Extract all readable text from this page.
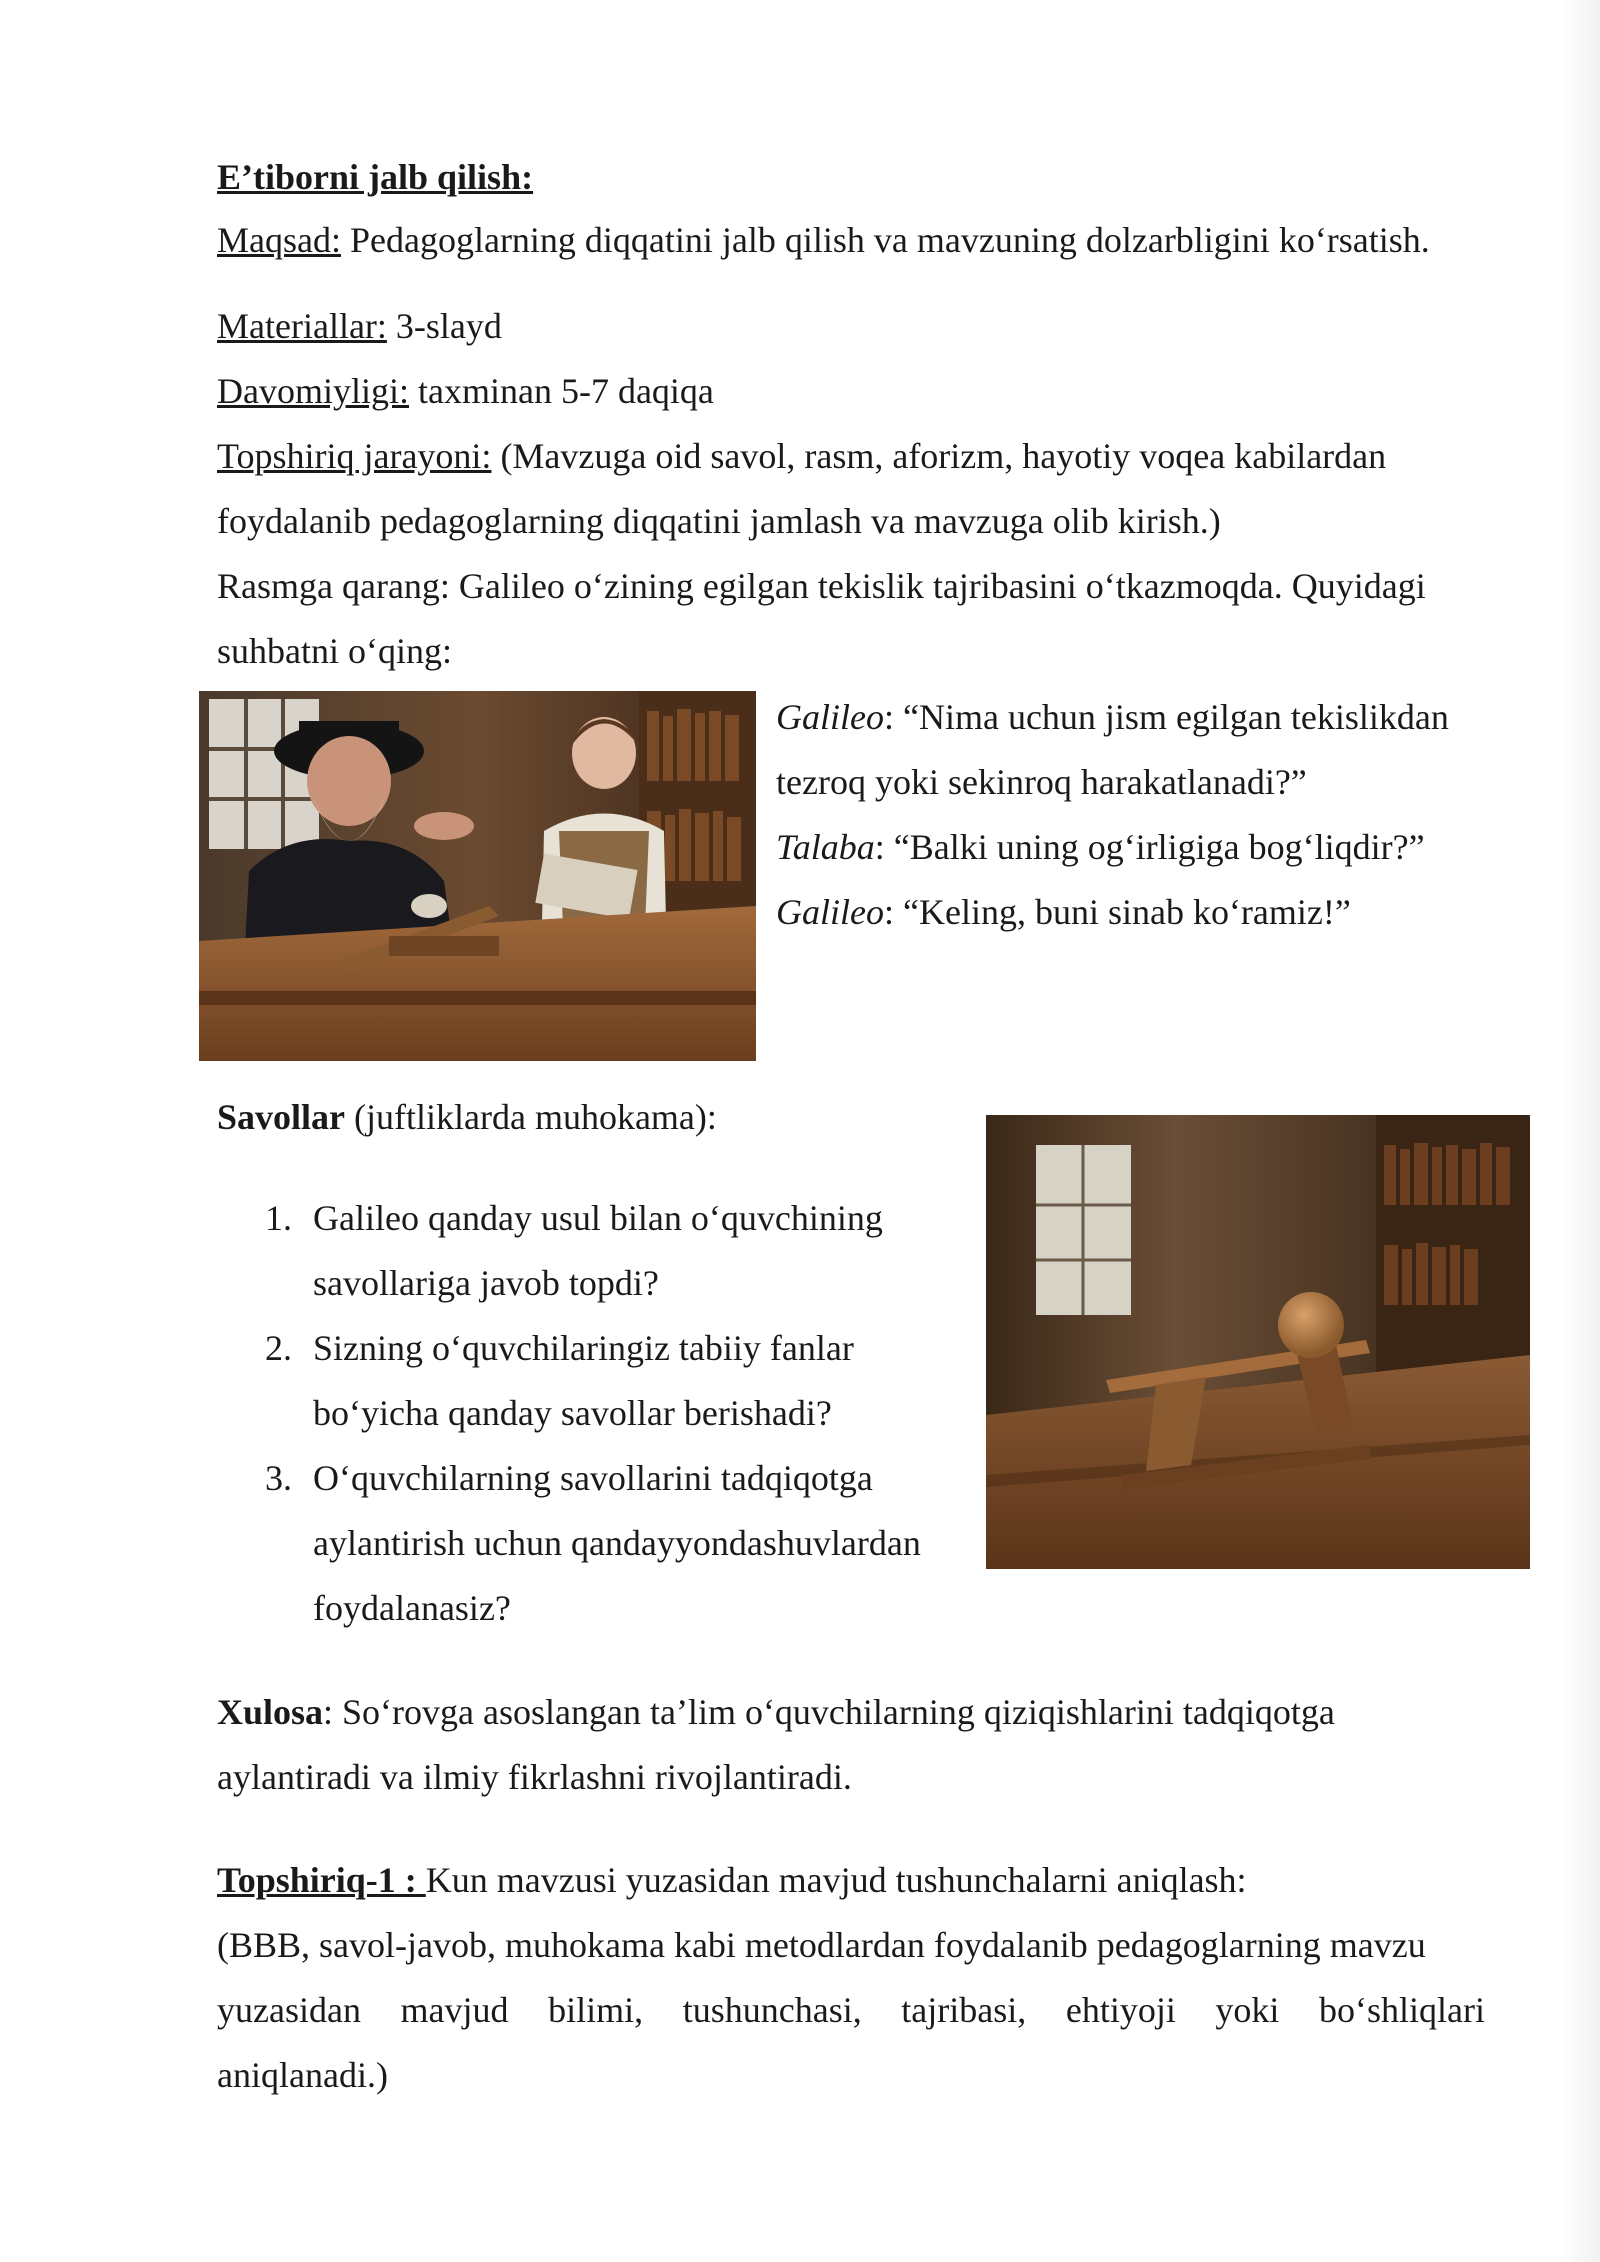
E’tiborni jalb qilish:
Maqsad: Pedagoglarning diqqatini jalb qilish va mavzuning dolzarbligini ko‘rsatish.
Materiallar: 3-slayd
Davomiyligi: taxminan 5-7 daqiqa
Topshiriq jarayoni: (Mavzuga oid savol, rasm, aforizm, hayotiy voqea kabilardan
foydalanib pedagoglarning diqqatini jamlash va mavzuga olib kirish.)
Rasmga qarang: Galileo o‘zining egilgan tekislik tajribasini o‘tkazmoqda. Quyidagi
suhbatni o‘qing:
Galileo: “Nima uchun jism egilgan tekislikdan
tezroq yoki sekinroq harakatlanadi?”
Talaba: “Balki uning og‘irligiga bog‘liqdir?”
Galileo: “Keling, buni sinab ko‘ramiz!”
Savollar (juftliklarda muhokama):
1. Galileo qanday usul bilan o‘quvchining
savollariga javob topdi?
2. Sizning o‘quvchilaringiz tabiiy fanlar
bo‘yicha qanday savollar berishadi?
3. O‘quvchilarning savollarini tadqiqotga
aylantirish uchun qandayyondashuvlardan
foydalanasiz?
Xulosa: So‘rovga asoslangan ta’lim o‘quvchilarning qiziqishlarini tadqiqotga
aylantiradi va ilmiy fikrlashni rivojlantiradi.
Topshiriq-1 : Kun mavzusi yuzasidan mavjud tushunchalarni aniqlash:
(BBB, savol-javob, muhokama kabi metodlardan foydalanib pedagoglarning mavzu
yuzasidan mavjud bilimi, tushunchasi, tajribasi, ehtiyoji yoki bo‘shliqlari
aniqlanadi.)
